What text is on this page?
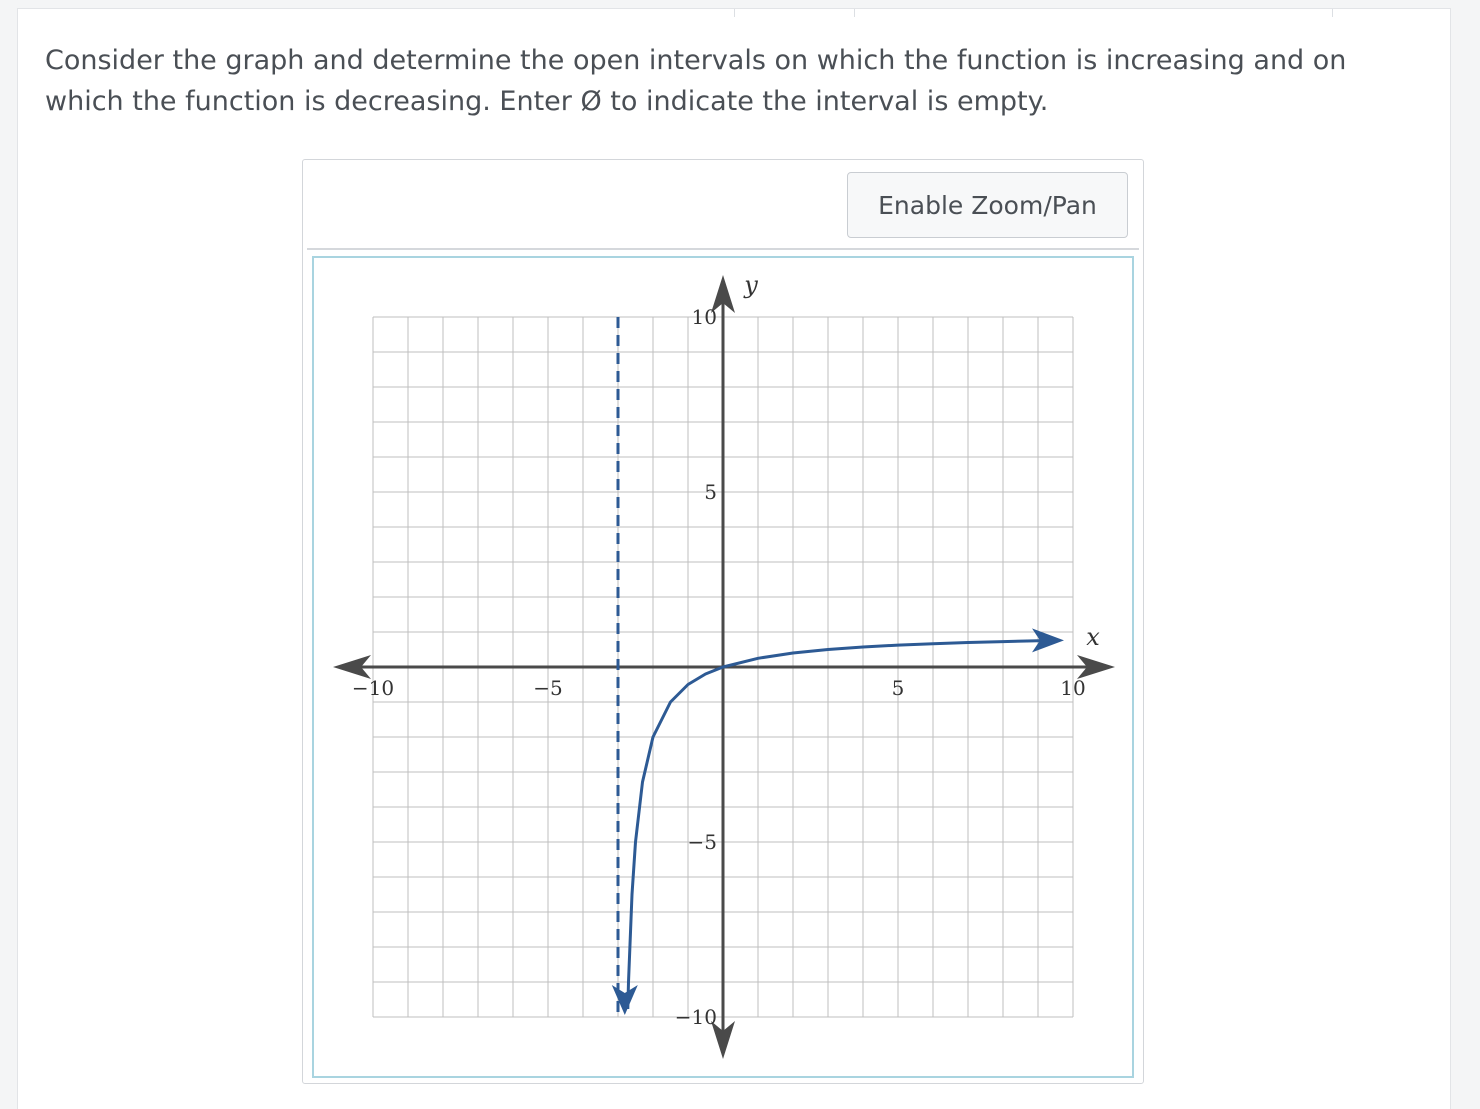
Consider the graph and determine the open intervals on which the function is increasing and on which the function is decreasing. Enter Ø to indicate the interval is empty.

Enable Zoom/Pan
x
y
−10	−5	5	10
10
5
−5
−10
